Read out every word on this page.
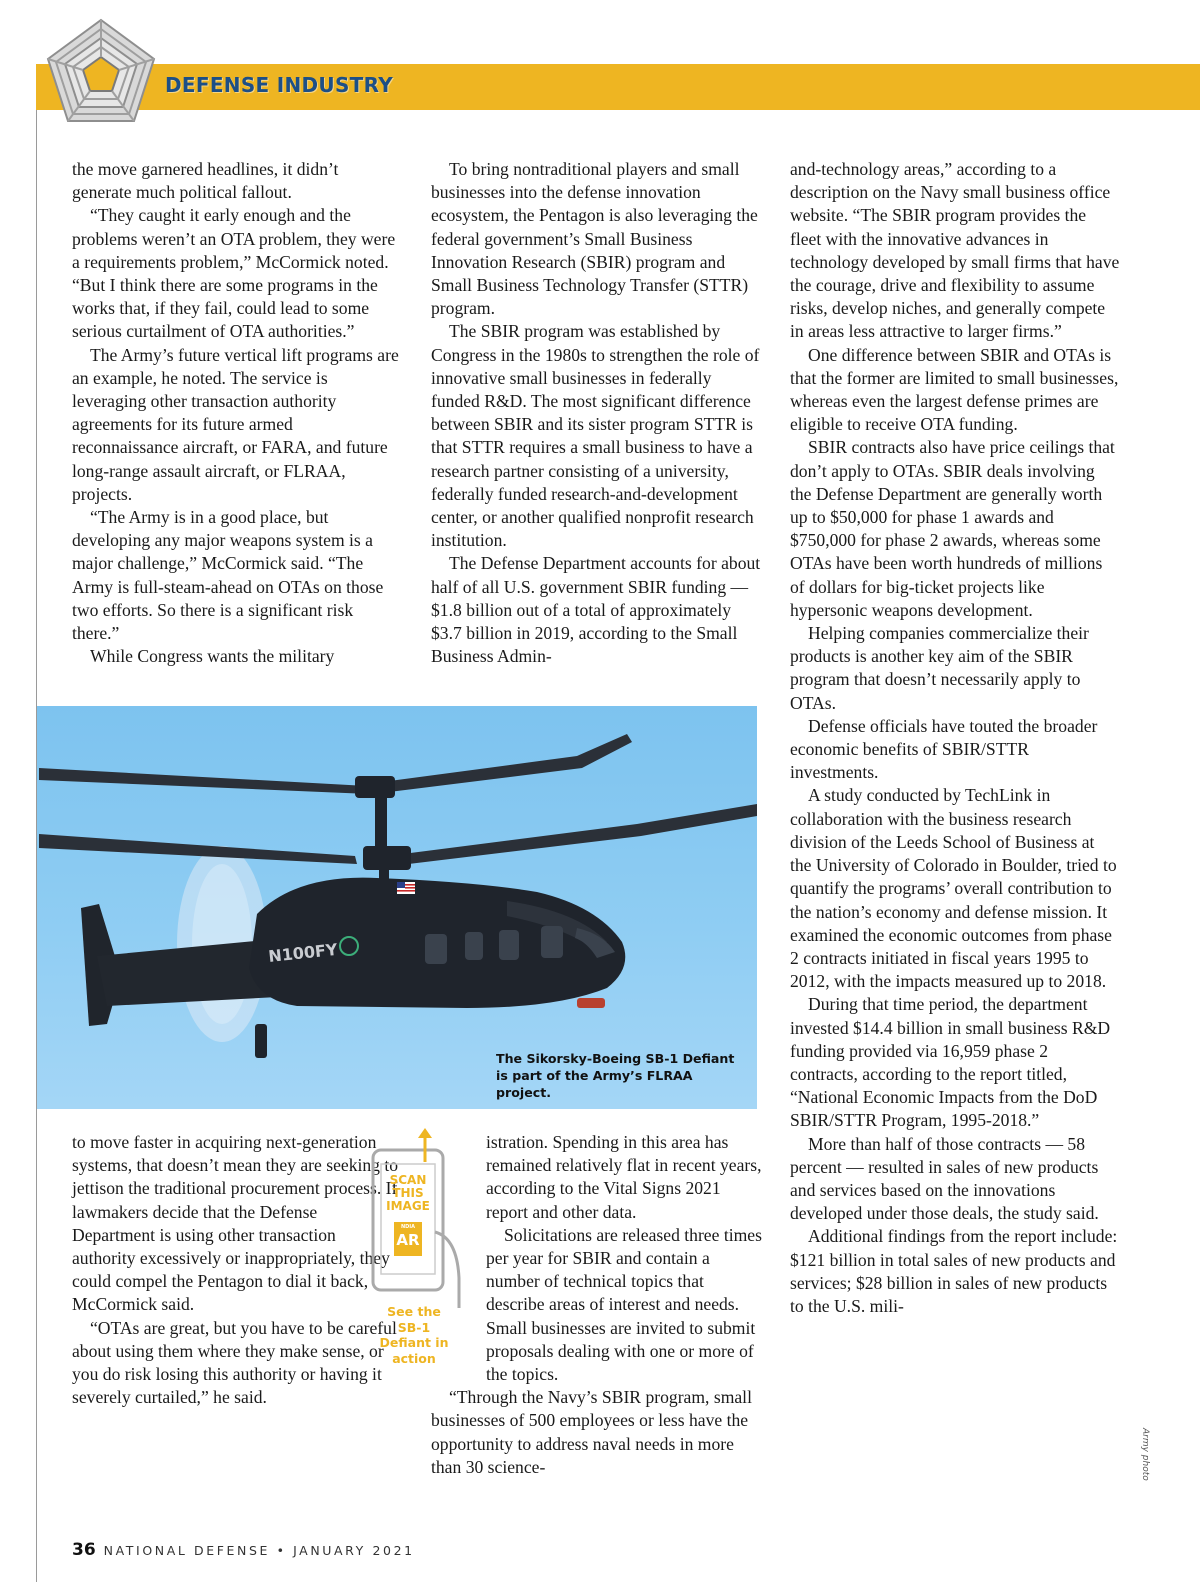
DEFENSE INDUSTRY

the move garnered headlines, it didn’t generate much political fallout.

“They caught it early enough and the problems weren’t an OTA problem, they were a requirements problem,” McCormick noted. “But I think there are some programs in the works that, if they fail, could lead to some serious curtailment of OTA authorities.”

The Army’s future vertical lift programs are an example, he noted. The service is leveraging other transaction authority agreements for its future armed reconnaissance aircraft, or FARA, and future long-range assault aircraft, or FLRAA, projects.

“The Army is in a good place, but developing any major weapons system is a major challenge,” McCormick said. “The Army is full-steam-ahead on OTAs on those two efforts. So there is a significant risk there.”

While Congress wants the military

To bring nontraditional players and small businesses into the defense innovation ecosystem, the Pentagon is also leveraging the federal government’s Small Business Innovation Research (SBIR) program and Small Business Technology Transfer (STTR) program.

The SBIR program was established by Congress in the 1980s to strengthen the role of innovative small businesses in federally funded R&D. The most significant difference between SBIR and its sister program STTR is that STTR requires a small business to have a research partner consisting of a university, federally funded research-and-development center, or another qualified nonprofit research institution.

The Defense Department accounts for about half of all U.S. government SBIR funding — $1.8 billion out of a total of approximately $3.7 billion in 2019, according to the Small Business Admin-

and-technology areas,” according to a description on the Navy small business office website. “The SBIR program provides the fleet with the innovative advances in technology developed by small firms that have the courage, drive and flexibility to assume risks, develop niches, and generally compete in areas less attractive to larger firms.”

One difference between SBIR and OTAs is that the former are limited to small businesses, whereas even the largest defense primes are eligible to receive OTA funding.

SBIR contracts also have price ceilings that don’t apply to OTAs. SBIR deals involving the Defense Department are generally worth up to $50,000 for phase 1 awards and $750,000 for phase 2 awards, whereas some OTAs have been worth hundreds of millions of dollars for big-ticket projects like hypersonic weapons development.

Helping companies commercialize their products is another key aim of the SBIR program that doesn’t necessarily apply to OTAs.

Defense officials have touted the broader economic benefits of SBIR/STTR investments.

A study conducted by TechLink in collaboration with the business research division of the Leeds School of Business at the University of Colorado in Boulder, tried to quantify the programs’ overall contribution to the nation’s economy and defense mission. It examined the economic outcomes from phase 2 contracts initiated in fiscal years 1995 to 2012, with the impacts measured up to 2018.

During that time period, the department invested $14.4 billion in small business R&D funding provided via 16,959 phase 2 contracts, according to the report titled, “National Economic Impacts from the DoD SBIR/STTR Program, 1995-2018.”

More than half of those contracts — 58 percent — resulted in sales of new products and services based on the innovations developed under those deals, the study said.

Additional findings from the report include: $121 billion in total sales of new products and services; $28 billion in sales of new products to the U.S. mili-

N100FY
The Sikorsky-Boeing SB-1 Defiant is part of the Army’s FLRAA project.

to move faster in acquiring next-generation systems, that doesn’t mean they are seeking to jettison the traditional procurement process. If lawmakers decide that the Defense Department is using other transaction authority excessively or inappropriately, they could compel the Pentagon to dial it back, McCormick said.

“OTAs are great, but you have to be careful about using them where they make sense, or you do risk losing this authority or having it severely curtailed,” he said.

SCAN THIS IMAGE
NDIA
AR
See the SB-1 Defiant in action

istration. Spending in this area has remained relatively flat in recent years, according to the Vital Signs 2021 report and other data.

Solicitations are released three times per year for SBIR and contain a number of technical topics that describe areas of interest and needs. Small businesses are invited to submit proposals dealing with one or more of the topics.

“Through the Navy’s SBIR program, small businesses of 500 employees or less have the opportunity to address naval needs in more than 30 science-	Army photo
36 NATIONAL DEFENSE • JANUARY 2021
